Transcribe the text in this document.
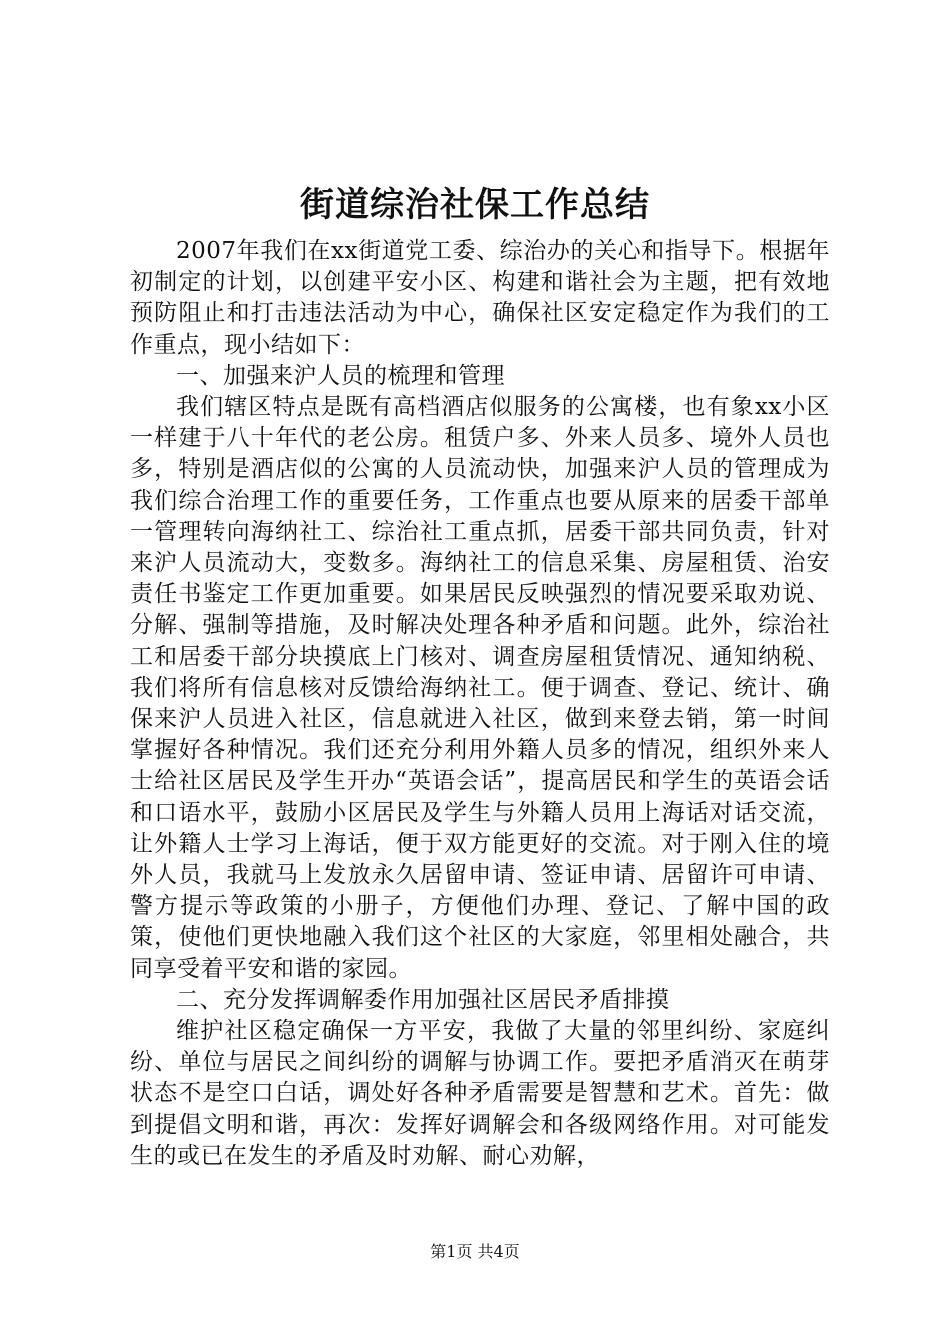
街道综治社保工作总结

2007年我们在xx街道党工委、综治办的关心和指导下。根据年初制定的计划，以创建平安小区、构建和谐社会为主题，把有效地预防阻止和打击违法活动为中心，确保社区安定稳定作为我们的工作重点，现小结如下：

一、加强来沪人员的梳理和管理

我们辖区特点是既有高档酒店似服务的公寓楼，也有象xx小区一样建于八十年代的老公房。租赁户多、外来人员多、境外人员也多，特别是酒店似的公寓的人员流动快，加强来沪人员的管理成为我们综合治理工作的重要任务，工作重点也要从原来的居委干部单一管理转向海纳社工、综治社工重点抓，居委干部共同负责，针对来沪人员流动大，变数多。海纳社工的信息采集、房屋租赁、治安责任书鉴定工作更加重要。如果居民反映强烈的情况要采取劝说、分解、强制等措施，及时解决处理各种矛盾和问题。此外，综治社工和居委干部分块摸底上门核对、调查房屋租赁情况、通知纳税、我们将所有信息核对反馈给海纳社工。便于调查、登记、统计、确保来沪人员进入社区，信息就进入社区，做到来登去销，第一时间掌握好各种情况。我们还充分利用外籍人员多的情况，组织外来人士给社区居民及学生开办“英语会话”，提高居民和学生的英语会话和口语水平，鼓励小区居民及学生与外籍人员用上海话对话交流，让外籍人士学习上海话，便于双方能更好的交流。对于刚入住的境外人员，我就马上发放永久居留申请、签证申请、居留许可申请、警方提示等政策的小册子，方便他们办理、登记、了解中国的政策，使他们更快地融入我们这个社区的大家庭，邻里相处融合，共同享受着平安和谐的家园。

二、充分发挥调解委作用加强社区居民矛盾排摸

维护社区稳定确保一方平安，我做了大量的邻里纠纷、家庭纠纷、单位与居民之间纠纷的调解与协调工作。要把矛盾消灭在萌芽状态不是空口白话，调处好各种矛盾需要是智慧和艺术。首先：做到提倡文明和谐，再次：发挥好调解会和各级网络作用。对可能发生的或已在发生的矛盾及时劝解、耐心劝解，

第1页 共4页
